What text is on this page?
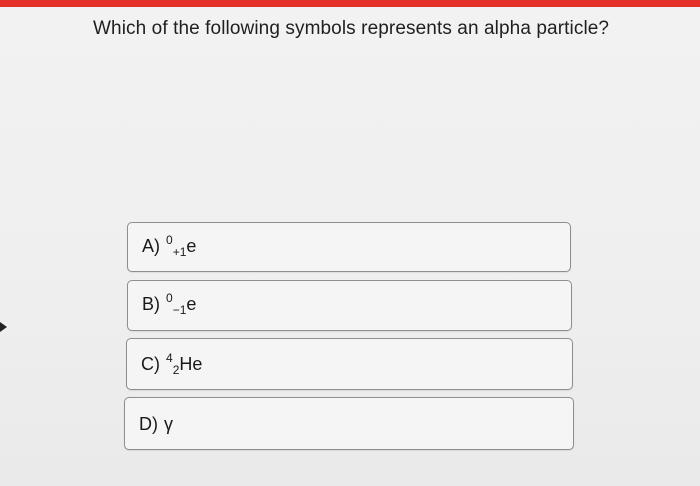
Which of the following symbols represents an alpha particle?
A) $^0_{+1}$e
B) $^0_{-1}$e
C) $^4_2$He
D) γ
